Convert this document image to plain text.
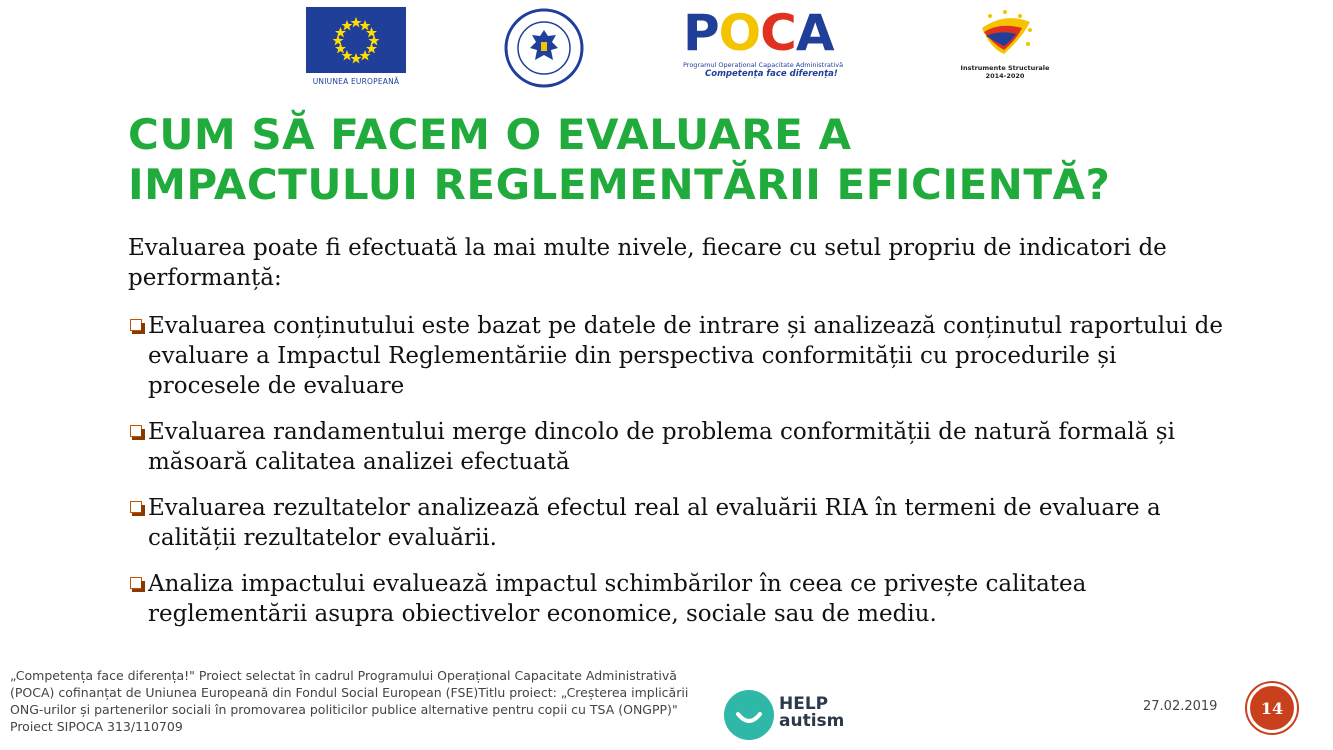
UNIUNEA EUROPEANĂ
POCA
Programul Operațional Capacitate Administrativă
Competența face diferența!
Instrumente Structurale
2014-2020
CUM SĂ FACEM O EVALUARE A IMPACTULUI REGLEMENTĂRII EFICIENTĂ?
Evaluarea poate fi efectuată la mai multe nivele, fiecare cu setul propriu de indicatori de performanță:
Evaluarea conținutului este bazat pe datele de intrare și analizează conținutul raportului de evaluare a Impactul Reglementăriie din perspectiva conformității cu procedurile și procesele de evaluare
Evaluarea randamentului merge dincolo de problema conformității de natură formală și măsoară calitatea analizei efectuată
Evaluarea rezultatelor analizează efectul real al evaluării RIA în termeni de evaluare a calității rezultatelor evaluării.
Analiza impactului evaluează impactul schimbărilor în ceea ce privește calitatea reglementării asupra obiectivelor economice, sociale sau de mediu.
„Competența face diferența!" Proiect selectat în cadrul Programului Operațional Capacitate Administrativă (POCA) cofinanțat de Uniunea Europeană din Fondul Social European (FSE)Titlu proiect: „Creșterea implicării ONG-urilor și partenerilor sociali în promovarea politicilor publice alternative pentru copii cu TSA (ONGPP)" Proiect SIPOCA 313/110709
HELP
autism
27.02.2019	14
